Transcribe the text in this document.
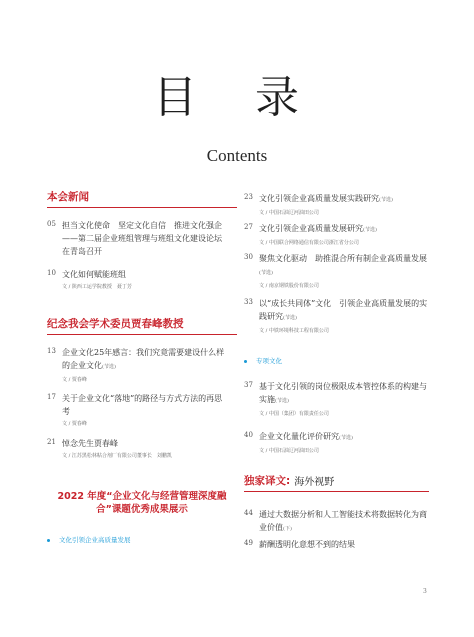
目 录
Contents
本会新闻
05 担当文化使命　坚定文化自信　推进文化强企——第二届企业班组管理与班组文化建设论坛在青岛召开
10 文化如何赋能班组
文 / 陕西工运学院教授　聂丁芳
纪念我会学术委员贾春峰教授
13 企业文化25年感言：我们究竟需要建设什么样的企业文化(节选)
文 / 贾春峰
17 关于企业文化“落地”的路径与方式方法的再思考
文 / 贾春峰
21 悼念先生贾春峰
文 / 江苏黑松林粘合剂厂有限公司董事长　刘鹏凯
2022 年度“企业文化与经营管理深度融合”课题优秀成果展示
文化引领企业高质量发展
23 文化引领企业高质量发展实践研究(节选)
文 / 中国石油辽河油田公司
27 文化引领企业高质量发展研究(节选)
文 / 中国联合网络通信有限公司浙江省分公司
30 聚焦文化驱动　助推混合所有制企业高质量发展(节选)
文 / 南京钢铁股份有限公司
33 以“成长共同体”文化　引领企业高质量发展的实践研究(节选)
文 / 中铁环境科技工程有限公司
专项文化
37 基于文化引领的岗位极限成本管控体系的构建与实施(节选)
文 / 中国（集团）有限责任公司
40 企业文化量化评价研究(节选)
文 / 中国石油辽河油田公司
独家译文: 海外视野
44 通过大数据分析和人工智能技术将数据转化为商业价值(下)
49 薪酬透明化意想不到的结果
3
